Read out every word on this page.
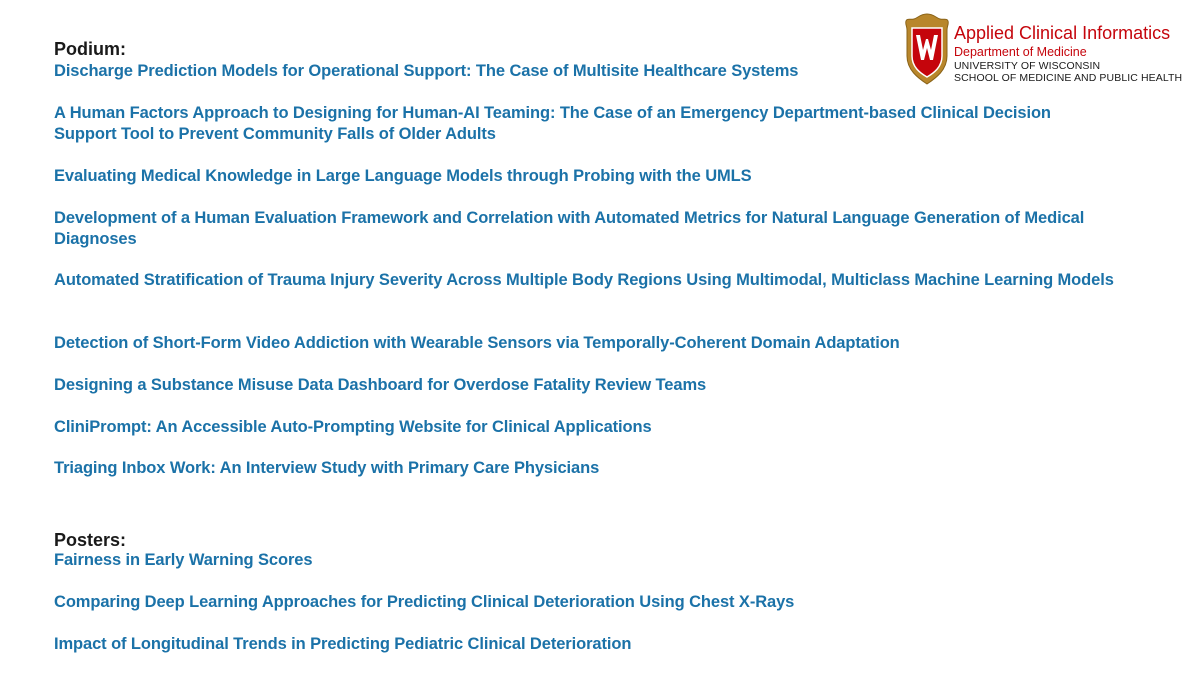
Applied Clinical Informatics
Department of Medicine
UNIVERSITY OF WISCONSIN
SCHOOL OF MEDICINE AND PUBLIC HEALTH
Podium:

Discharge Prediction Models for Operational Support: The Case of Multisite Healthcare Systems

A Human Factors Approach to Designing for Human-AI Teaming: The Case of an Emergency Department-based Clinical Decision Support Tool to Prevent Community Falls of Older Adults

Evaluating Medical Knowledge in Large Language Models through Probing with the UMLS

Development of a Human Evaluation Framework and Correlation with Automated Metrics for Natural Language Generation of Medical Diagnoses

Automated Stratification of Trauma Injury Severity Across Multiple Body Regions Using Multimodal, Multiclass Machine Learning Models

Detection of Short-Form Video Addiction with Wearable Sensors via Temporally-Coherent Domain Adaptation

Designing a Substance Misuse Data Dashboard for Overdose Fatality Review Teams

CliniPrompt: An Accessible Auto-Prompting Website for Clinical Applications

Triaging Inbox Work: An Interview Study with Primary Care Physicians

Posters:

Fairness in Early Warning Scores

Comparing Deep Learning Approaches for Predicting Clinical Deterioration Using Chest X-Rays

Impact of Longitudinal Trends in Predicting Pediatric Clinical Deterioration
